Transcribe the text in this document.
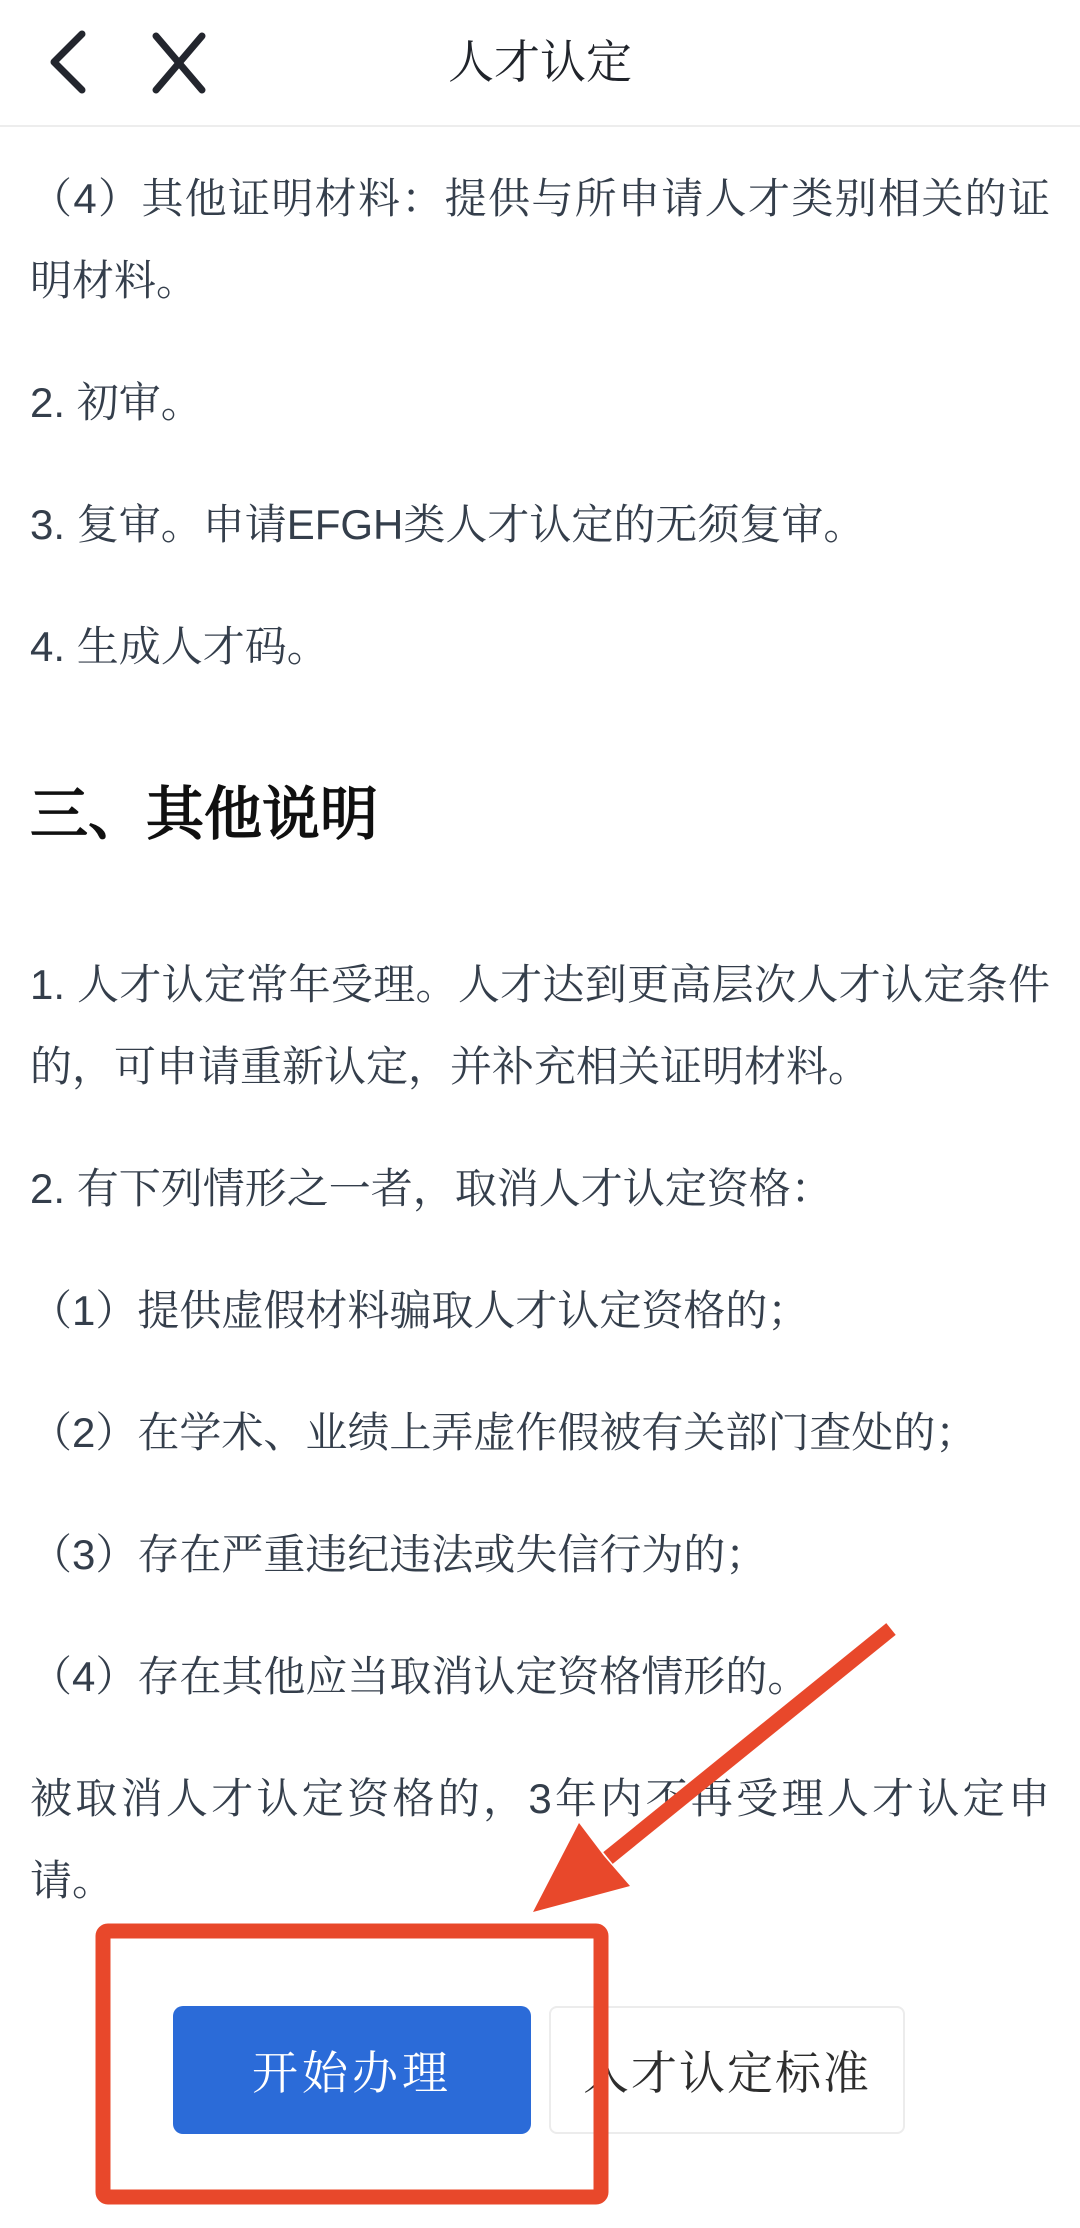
人才认定

（4）其他证明材料：提供与所申请人才类别相关的证明材料。

2. 初审。

3. 复审。申请EFGH类人才认定的无须复审。

4. 生成人才码。

三、其他说明

1. 人才认定常年受理。人才达到更高层次人才认定条件的，可申请重新认定，并补充相关证明材料。

2. 有下列情形之一者，取消人才认定资格：

（1）提供虚假材料骗取人才认定资格的；

（2）在学术、业绩上弄虚作假被有关部门查处的；

（3）存在严重违纪违法或失信行为的；

（4）存在其他应当取消认定资格情形的。

被取消人才认定资格的，3年内不再受理人才认定申请。

开始办理	人才认定标准
